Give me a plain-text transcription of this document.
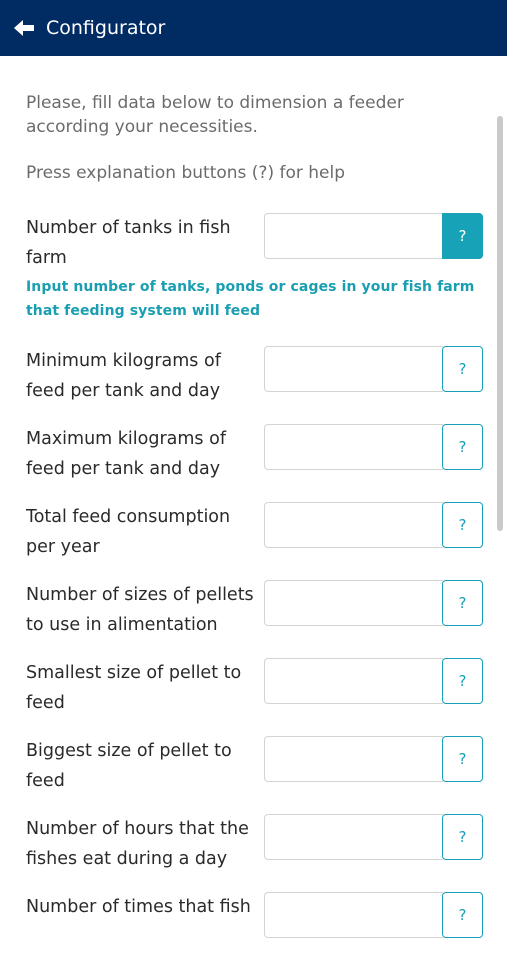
Configurator
Please, fill data below to dimension a feeder according your necessities.
Press explanation buttons (?) for help
Number of tanks in fish farm
?
Input number of tanks, ponds or cages in your fish farm that feeding system will feed
Minimum kilograms of feed per tank and day
?
Maximum kilograms of feed per tank and day
?
Total feed consumption per year
?
Number of sizes of pellets to use in alimentation
?
Smallest size of pellet to feed
?
Biggest size of pellet to feed
?
Number of hours that the fishes eat during a day
?
Number of times that fish	?
